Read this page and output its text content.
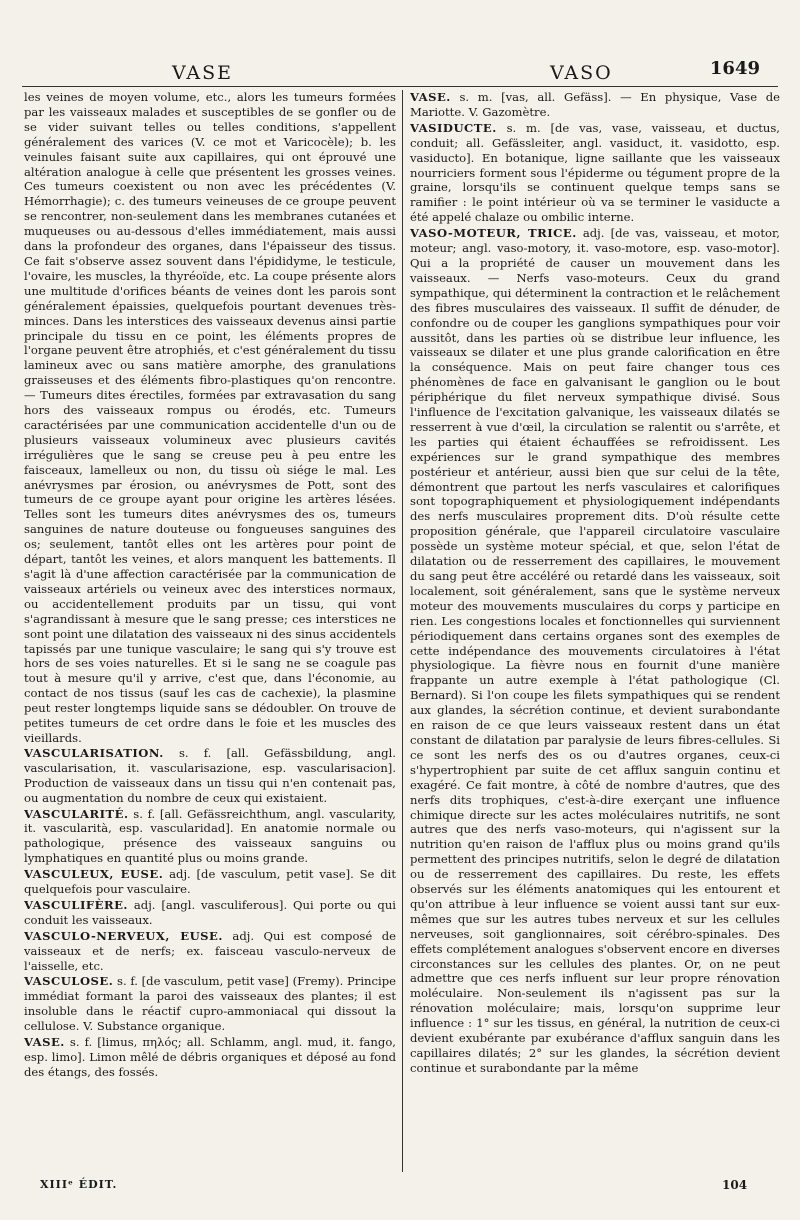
VASE	VASO	1649

les veines de moyen volume, etc., alors les tumeurs formées par les vaisseaux malades et susceptibles de se gonfler ou de se vider suivant telles ou telles conditions, s'appellent généralement des varices (V. ce mot et Varicocèle); b. les veinules faisant suite aux capillaires, qui ont éprouvé une altération analogue à celle que présentent les grosses veines. Ces tumeurs coexistent ou non avec les précédentes (V. Hémorrhagie); c. des tumeurs veineuses de ce groupe peuvent se rencontrer, non-seulement dans les membranes cutanées et muqueuses ou au-dessous d'elles immédiatement, mais aussi dans la profondeur des organes, dans l'épaisseur des tissus. Ce fait s'observe assez souvent dans l'épididyme, le testicule, l'ovaire, les muscles, la thyréoïde, etc. La coupe présente alors une multitude d'orifices béants de veines dont les parois sont généralement épaissies, quelquefois pourtant devenues très-minces. Dans les interstices des vaisseaux devenus ainsi partie principale du tissu en ce point, les éléments propres de l'organe peuvent être atrophiés, et c'est généralement du tissu lamineux avec ou sans matière amorphe, des granulations graisseuses et des éléments fibro-plastiques qu'on rencontre. — Tumeurs dites érectiles, formées par extravasation du sang hors des vaisseaux rompus ou érodés, etc. Tumeurs caractérisées par une communication accidentelle d'un ou de plusieurs vaisseaux volumineux avec plusieurs cavités irrégulières que le sang se creuse peu à peu entre les faisceaux, lamelleux ou non, du tissu où siége le mal. Les anévrysmes par érosion, ou anévrysmes de Pott, sont des tumeurs de ce groupe ayant pour origine les artères lésées. Telles sont les tumeurs dites anévrysmes des os, tumeurs sanguines de nature douteuse ou fongueuses sanguines des os; seulement, tantôt elles ont les artères pour point de départ, tantôt les veines, et alors manquent les battements. Il s'agit là d'une affection caractérisée par la communication de vaisseaux artériels ou veineux avec des interstices normaux, ou accidentellement produits par un tissu, qui vont s'agrandissant à mesure que le sang presse; ces interstices ne sont point une dilatation des vaisseaux ni des sinus accidentels tapissés par une tunique vasculaire; le sang qui s'y trouve est hors de ses voies naturelles. Et si le sang ne se coagule pas tout à mesure qu'il y arrive, c'est que, dans l'économie, au contact de nos tissus (sauf les cas de cachexie), la plasmine peut rester longtemps liquide sans se dédoubler. On trouve de petites tumeurs de cet ordre dans le foie et les muscles des vieillards.

VASCULARISATION. s. f. [all. Gefässbildung, angl. vascularisation, it. vascularisazione, esp. vascularisacion]. Production de vaisseaux dans un tissu qui n'en contenait pas, ou augmentation du nombre de ceux qui existaient.

VASCULARITÉ. s. f. [all. Gefässreichthum, angl. vascularity, it. vascularità, esp. vascularidad]. En anatomie normale ou pathologique, présence des vaisseaux sanguins ou lymphatiques en quantité plus ou moins grande.

VASCULEUX, EUSE. adj. [de vasculum, petit vase]. Se dit quelquefois pour vasculaire.

VASCULIFÈRE. adj. [angl. vasculiferous]. Qui porte ou qui conduit les vaisseaux.

VASCULO-NERVEUX, EUSE. adj. Qui est composé de vaisseaux et de nerfs; ex. faisceau vasculo-nerveux de l'aisselle, etc.

VASCULOSE. s. f. [de vasculum, petit vase] (Fremy). Principe immédiat formant la paroi des vaisseaux des plantes; il est insoluble dans le réactif cupro-ammoniacal qui dissout la cellulose. V. Substance organique.

VASE. s. f. [limus, πηλός; all. Schlamm, angl. mud, it. fango, esp. limo]. Limon mêlé de débris organiques et déposé au fond des étangs, des fossés.

VASE. s. m. [vas, all. Gefäss]. — En physique, Vase de Mariotte. V. Gazomètre.

VASIDUCTE. s. m. [de vas, vase, vaisseau, et ductus, conduit; all. Gefässleiter, angl. vasiduct, it. vasidotto, esp. vasiducto]. En botanique, ligne saillante que les vaisseaux nourriciers forment sous l'épiderme ou tégument propre de la graine, lorsqu'ils se continuent quelque temps sans se ramifier : le point intérieur où va se terminer le vasiducte a été appelé chalaze ou ombilic interne.

VASO-MOTEUR, TRICE. adj. [de vas, vaisseau, et motor, moteur; angl. vaso-motory, it. vaso-motore, esp. vaso-motor]. Qui a la propriété de causer un mouvement dans les vaisseaux. — Nerfs vaso-moteurs. Ceux du grand sympathique, qui déterminent la contraction et le relâchement des fibres musculaires des vaisseaux. Il suffit de dénuder, de confondre ou de couper les ganglions sympathiques pour voir aussitôt, dans les parties où se distribue leur influence, les vaisseaux se dilater et une plus grande calorification en être la conséquence. Mais on peut faire changer tous ces phénomènes de face en galvanisant le ganglion ou le bout périphérique du filet nerveux sympathique divisé. Sous l'influence de l'excitation galvanique, les vaisseaux dilatés se resserrent à vue d'œil, la circulation se ralentit ou s'arrête, et les parties qui étaient échauffées se refroidissent. Les expériences sur le grand sympathique des membres postérieur et antérieur, aussi bien que sur celui de la tête, démontrent que partout les nerfs vasculaires et calorifiques sont topographiquement et physiologiquement indépendants des nerfs musculaires proprement dits. D'où résulte cette proposition générale, que l'appareil circulatoire vasculaire possède un système moteur spécial, et que, selon l'état de dilatation ou de resserrement des capillaires, le mouvement du sang peut être accéléré ou retardé dans les vaisseaux, soit localement, soit généralement, sans que le système nerveux moteur des mouvements musculaires du corps y participe en rien. Les congestions locales et fonctionnelles qui surviennent périodiquement dans certains organes sont des exemples de cette indépendance des mouvements circulatoires à l'état physiologique. La fièvre nous en fournit d'une manière frappante un autre exemple à l'état pathologique (Cl. Bernard). Si l'on coupe les filets sympathiques qui se rendent aux glandes, la sécrétion continue, et devient surabondante en raison de ce que leurs vaisseaux restent dans un état constant de dilatation par paralysie de leurs fibres-cellules. Si ce sont les nerfs des os ou d'autres organes, ceux-ci s'hypertrophient par suite de cet afflux sanguin continu et exagéré. Ce fait montre, à côté de nombre d'autres, que des nerfs dits trophiques, c'est-à-dire exerçant une influence chimique directe sur les actes moléculaires nutritifs, ne sont autres que des nerfs vaso-moteurs, qui n'agissent sur la nutrition qu'en raison de l'afflux plus ou moins grand qu'ils permettent des principes nutritifs, selon le degré de dilatation ou de resserrement des capillaires. Du reste, les effets observés sur les éléments anatomiques qui les entourent et qu'on attribue à leur influence se voient aussi tant sur eux-mêmes que sur les autres tubes nerveux et sur les cellules nerveuses, soit ganglionnaires, soit cérébro-spinales. Des effets complétement analogues s'observent encore en diverses circonstances sur les cellules des plantes. Or, on ne peut admettre que ces nerfs influent sur leur propre rénovation moléculaire. Non-seulement ils n'agissent pas sur la rénovation moléculaire; mais, lorsqu'on supprime leur influence : 1° sur les tissus, en général, la nutrition de ceux-ci devient exubérante par exubérance d'afflux sanguin dans les capillaires dilatés; 2° sur les glandes, la sécrétion devient continue et surabondante par la même

XIIIᵉ ÉDIT.	104
